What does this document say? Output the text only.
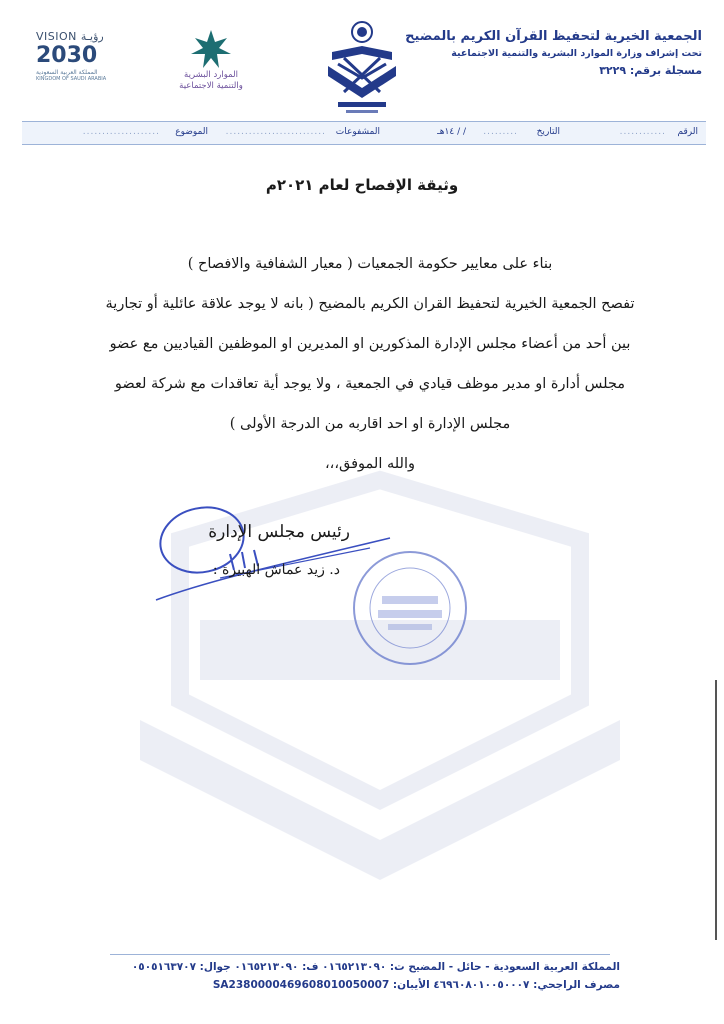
الجمعية الخيرية لتحفيظ القرآن الكريم بالمضيح
تحت إشراف وزارة الموارد البشرية والتنمية الاجتماعية
مسجلة برقم: ٣٢٢٩
الموارد البشرية
والتنمية الاجتماعية
VISION رؤيـة
2030
المملكة العربية السعودية
KINGDOM OF SAUDI ARABIA
الرقم
............
التاريخ
.........
/ / ١٤هـ
المشفوعات
..........................
الموضوع
....................
وثيقة الإفصاح لعام ٢٠٢١م

بناء على معايير حكومة الجمعيات ( معيار الشفافية والافصاح )

تفصح الجمعية الخيرية لتحفيظ القران الكريم بالمضيح ( بانه لا يوجد علاقة عائلية أو تجارية

بين أحد من أعضاء مجلس الإدارة المذكورين او المديرين او الموظفين القياديين مع عضو

مجلس أدارة او مدير موظف قيادي في الجمعية ، ولا يوجد أية تعاقدات مع شركة لعضو

مجلس الإدارة او احد اقاربه من الدرجة الأولى )

والله الموفق،،،

رئيس مجلس الإدارة
د. زيد عماش الهبيرة :
المملكة العربية السعودية - حائل - المضيح ت: ٠١٦٥٢١٣٠٩٠ ف: ٠١٦٥٢١٣٠٩٠ جوال: ٠٥٠٥١٦٣٧٠٧
مصرف الراجحي: ٤٦٩٦٠٨٠١٠٠٥٠٠٠٧ الأيبان: SA2380000469608010050007
